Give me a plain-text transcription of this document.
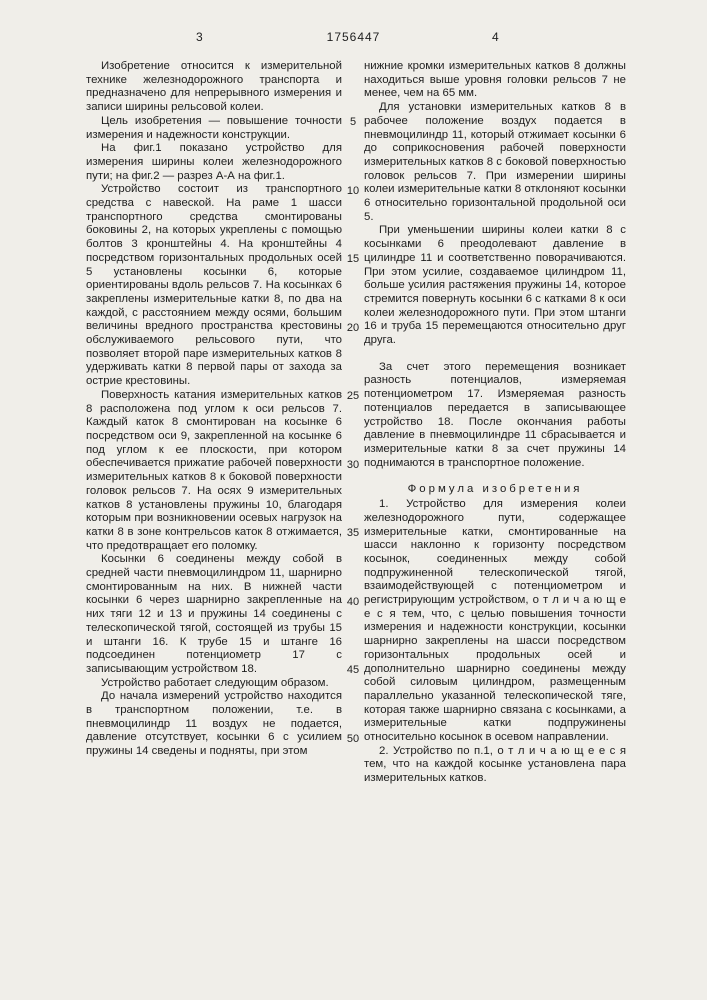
3	1756447	4

Изобретение относится к измерительной технике железнодорожного транспорта и предназначено для непрерывного измерения и записи ширины рельсовой колеи.

Цель изобретения — повышение точности измерения и надежности конструкции.

На фиг.1 показано устройство для измерения ширины колеи железнодорожного пути; на фиг.2 — разрез А-А на фиг.1.

Устройство состоит из транспортного средства с навеской. На раме 1 шасси транспортного средства смонтированы боковины 2, на которых укреплены с помощью болтов 3 кронштейны 4. На кронштейны 4 посредством горизонтальных продольных осей 5 установлены косынки 6, которые ориентированы вдоль рельсов 7. На косынках 6 закреплены измерительные катки 8, по два на каждой, с расстоянием между осями, большим величины вредного пространства крестовины обслуживаемого рельсового пути, что позволяет второй паре измерительных катков 8 удерживать катки 8 первой пары от захода за острие крестовины.

Поверхность катания измерительных катков 8 расположена под углом к оси рельсов 7. Каждый каток 8 смонтирован на косынке 6 посредством оси 9, закрепленной на косынке 6 под углом к ее плоскости, при котором обеспечивается прижатие рабочей поверхности измерительных катков 8 к боковой поверхности головок рельсов 7. На осях 9 измерительных катков 8 установлены пружины 10, благодаря которым при возникновении осевых нагрузок на катки 8 в зоне контрельсов каток 8 отжимается, что предотвращает его поломку.

Косынки 6 соединены между собой в средней части пневмоцилиндром 11, шарнирно смонтированным на них. В нижней части косынки 6 через шарнирно закрепленные на них тяги 12 и 13 и пружины 14 соединены с телескопической тягой, состоящей из трубы 15 и штанги 16. К трубе 15 и штанге 16 подсоединен потенциометр 17 с записывающим устройством 18.

Устройство работает следующим образом.

До начала измерений устройство находится в транспортном положении, т.е. в пневмоцилиндр 11 воздух не подается, давление отсутствует, косынки 6 с усилием пружины 14 сведены и подняты, при этом

5
10
15
20
25
30
35
40
45
50

нижние кромки измерительных катков 8 должны находиться выше уровня головки рельсов 7 не менее, чем на 65 мм.

Для установки измерительных катков 8 в рабочее положение воздух подается в пневмоцилиндр 11, который отжимает косынки 6 до соприкосновения рабочей поверхности измерительных катков 8 с боковой поверхностью головок рельсов 7. При измерении ширины колеи измерительные катки 8 отклоняют косынки 6 относительно горизонтальной продольной оси 5.

При уменьшении ширины колеи катки 8 с косынками 6 преодолевают давление в цилиндре 11 и соответственно поворачиваются. При этом усилие, создаваемое цилиндром 11, больше усилия растяжения пружины 14, которое стремится повернуть косынки 6 с катками 8 к оси колеи железнодорожного пути. При этом штанги 16 и труба 15 перемещаются относительно друг друга.

За счет этого перемещения возникает разность потенциалов, измеряемая потенциометром 17. Измеряемая разность потенциалов передается в записывающее устройство 18. После окончания работы давление в пневмоцилиндре 11 сбрасывается и измерительные катки 8 за счет пружины 14 поднимаются в транспортное положение.

Формула изобретения

1. Устройство для измерения колеи железнодорожного пути, содержащее измерительные катки, смонтированные на шасси наклонно к горизонту посредством косынок, соединенных между собой подпружиненной телескопической тягой, взаимодействующей с потенциометром и регистрирующим устройством, о т л и ч а ю щ е е с я тем, что, с целью повышения точности измерения и надежности конструкции, косынки шарнирно закреплены на шасси посредством горизонтальных продольных осей и дополнительно шарнирно соединены между собой силовым цилиндром, размещенным параллельно указанной телескопической тяге, которая также шарнирно связана с косынками, а измерительные катки подпружинены относительно косынок в осевом направлении.

2. Устройство по п.1, о т л и ч а ю щ е е с я тем, что на каждой косынке установлена пара измерительных катков.
